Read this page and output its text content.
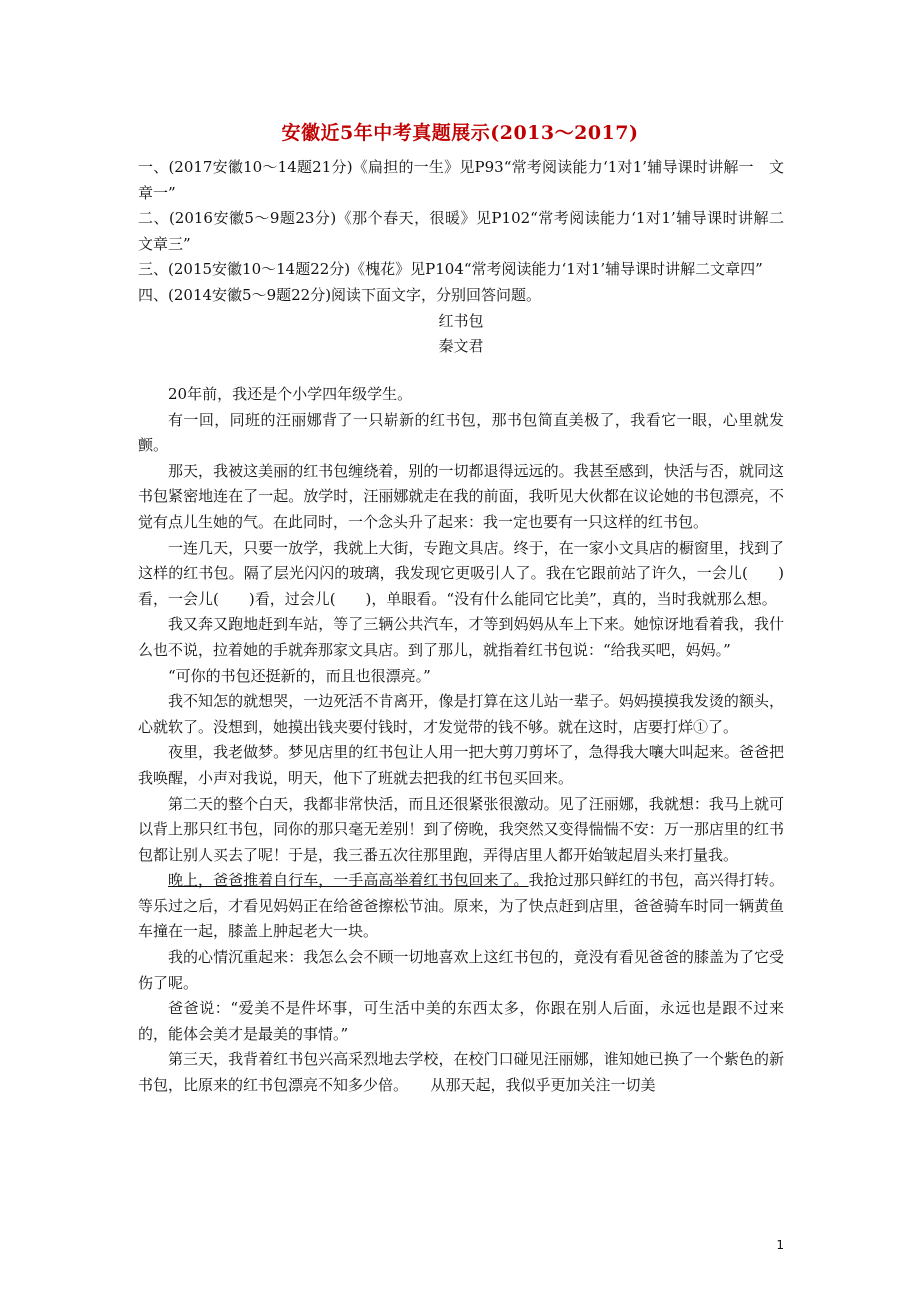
安徽近5年中考真题展示(2013～2017)

一、(2017安徽10～14题21分)《扁担的一生》见P93“常考阅读能力‘1对1’辅导课时讲解一　文章一”

二、(2016安徽5～9题23分)《那个春天，很暖》见P102“常考阅读能力‘1对1’辅导课时讲解二　文章三”

三、(2015安徽10～14题22分)《槐花》见P104“常考阅读能力‘1对1’辅导课时讲解二文章四”

四、(2014安徽5～9题22分)阅读下面文字，分别回答问题。

红书包

秦文君

20年前，我还是个小学四年级学生。

有一回，同班的汪丽娜背了一只崭新的红书包，那书包简直美极了，我看它一眼，心里就发颤。

那天，我被这美丽的红书包缠绕着，别的一切都退得远远的。我甚至感到，快活与否，就同这书包紧密地连在了一起。放学时，汪丽娜就走在我的前面，我听见大伙都在议论她的书包漂亮，不觉有点儿生她的气。在此同时，一个念头升了起来：我一定也要有一只这样的红书包。

一连几天，只要一放学，我就上大街，专跑文具店。终于，在一家小文具店的橱窗里，找到了这样的红书包。隔了层光闪闪的玻璃，我发现它更吸引人了。我在它跟前站了许久，一会儿(　　)看，一会儿(　　)看，过会儿(　　)，单眼看。“没有什么能同它比美”，真的，当时我就那么想。

我又奔又跑地赶到车站，等了三辆公共汽车，才等到妈妈从车上下来。她惊讶地看着我，我什么也不说，拉着她的手就奔那家文具店。到了那儿，就指着红书包说：“给我买吧，妈妈。”

“可你的书包还挺新的，而且也很漂亮。”

我不知怎的就想哭，一边死活不肯离开，像是打算在这儿站一辈子。妈妈摸摸我发烫的额头，心就软了。没想到，她摸出钱夹要付钱时，才发觉带的钱不够。就在这时，店要打烊①了。

夜里，我老做梦。梦见店里的红书包让人用一把大剪刀剪坏了，急得我大嚷大叫起来。爸爸把我唤醒，小声对我说，明天，他下了班就去把我的红书包买回来。

第二天的整个白天，我都非常快活，而且还很紧张很激动。见了汪丽娜，我就想：我马上就可以背上那只红书包，同你的那只毫无差别！到了傍晚，我突然又变得惴惴不安：万一那店里的红书包都让别人买去了呢！于是，我三番五次往那里跑，弄得店里人都开始皱起眉头来打量我。

晚上，爸爸推着自行车，一手高高举着红书包回来了。我抢过那只鲜红的书包，高兴得打转。等乐过之后，才看见妈妈正在给爸爸擦松节油。原来，为了快点赶到店里，爸爸骑车时同一辆黄鱼车撞在一起，膝盖上肿起老大一块。

我的心情沉重起来：我怎么会不顾一切地喜欢上这红书包的，竟没有看见爸爸的膝盖为了它受伤了呢。

爸爸说：“爱美不是件坏事，可生活中美的东西太多，你跟在别人后面，永远也是跟不过来的，能体会美才是最美的事情。”

第三天，我背着红书包兴高采烈地去学校，在校门口碰见汪丽娜，谁知她已换了一个紫色的新书包，比原来的红书包漂亮不知多少倍。　　从那天起，我似乎更加关注一切美

1
